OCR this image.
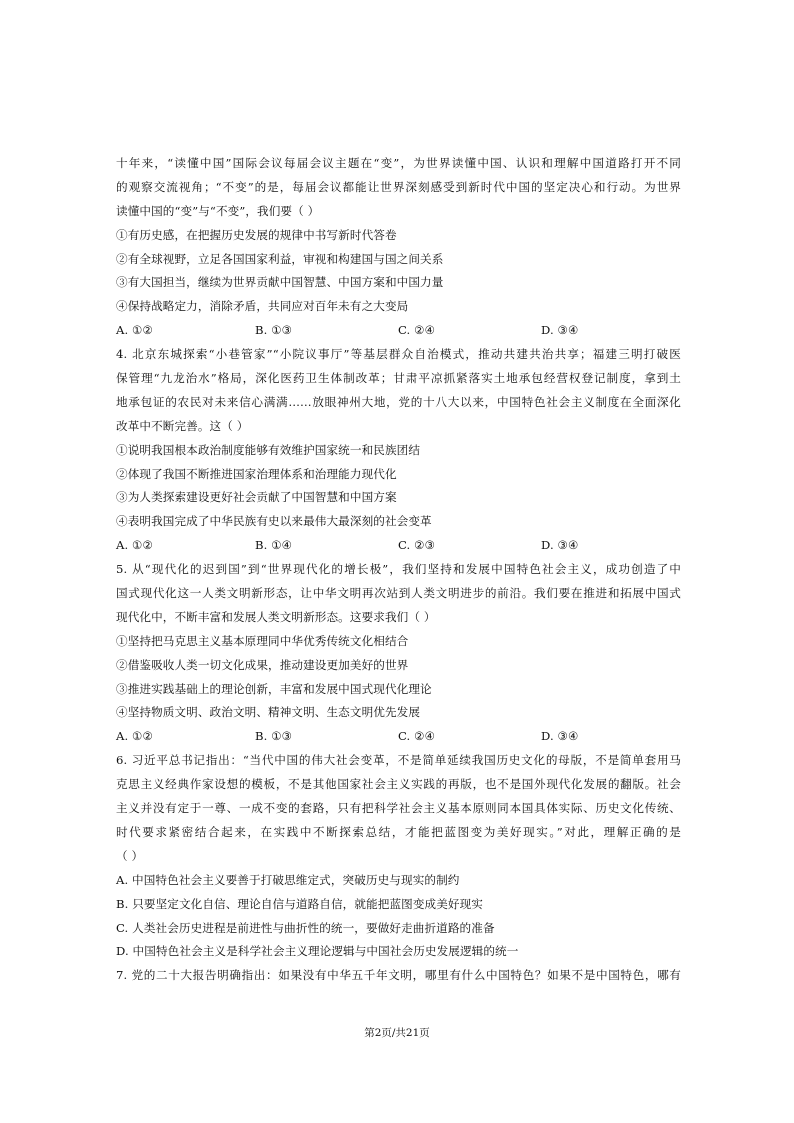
十年来，“读懂中国”国际会议每届会议主题在“变”，为世界读懂中国、认识和理解中国道路打开不同
的观察交流视角；“不变”的是，每届会议都能让世界深刻感受到新时代中国的坚定决心和行动。为世界
读懂中国的“变”与“不变”，我们要（ ）
①有历史感，在把握历史发展的规律中书写新时代答卷
②有全球视野，立足各国国家利益，审视和构建国与国之间关系
③有大国担当，继续为世界贡献中国智慧、中国方案和中国力量
④保持战略定力，消除矛盾，共同应对百年未有之大变局
A. ①②	B. ①③	C. ②④	D. ③④
4. 北京东城探索“小巷管家”“小院议事厅”等基层群众自治模式，推动共建共治共享；福建三明打破医
保管理“九龙治水”格局，深化医药卫生体制改革；甘肃平凉抓紧落实土地承包经营权登记制度，拿到土
地承包证的农民对未来信心满满……放眼神州大地，党的十八大以来，中国特色社会主义制度在全面深化
改革中不断完善。这（ ）
①说明我国根本政治制度能够有效维护国家统一和民族团结
②体现了我国不断推进国家治理体系和治理能力现代化
③为人类探索建设更好社会贡献了中国智慧和中国方案
④表明我国完成了中华民族有史以来最伟大最深刻的社会变革
A. ①②	B. ①④	C. ②③	D. ③④
5. 从“现代化的迟到国”到“世界现代化的增长极”，我们坚持和发展中国特色社会主义，成功创造了中
国式现代化这一人类文明新形态，让中华文明再次站到人类文明进步的前沿。我们要在推进和拓展中国式
现代化中，不断丰富和发展人类文明新形态。这要求我们（ ）
①坚持把马克思主义基本原理同中华优秀传统文化相结合
②借鉴吸收人类一切文化成果，推动建设更加美好的世界
③推进实践基础上的理论创新，丰富和发展中国式现代化理论
④坚持物质文明、政治文明、精神文明、生态文明优先发展
A. ①②	B. ①③	C. ②④	D. ③④
6. 习近平总书记指出：“当代中国的伟大社会变革，不是简单延续我国历史文化的母版，不是简单套用马
克思主义经典作家设想的模板，不是其他国家社会主义实践的再版，也不是国外现代化发展的翻版。社会
主义并没有定于一尊、一成不变的套路，只有把科学社会主义基本原则同本国具体实际、历史文化传统、
时代要求紧密结合起来，在实践中不断探索总结，才能把蓝图变为美好现实。”对此，理解正确的是
（ ）
A. 中国特色社会主义要善于打破思维定式，突破历史与现实的制约
B. 只要坚定文化自信、理论自信与道路自信，就能把蓝图变成美好现实
C. 人类社会历史进程是前进性与曲折性的统一，要做好走曲折道路的准备
D. 中国特色社会主义是科学社会主义理论逻辑与中国社会历史发展逻辑的统一
7. 党的二十大报告明确指出：如果没有中华五千年文明，哪里有什么中国特色？如果不是中国特色，哪有
第2页/共21页
